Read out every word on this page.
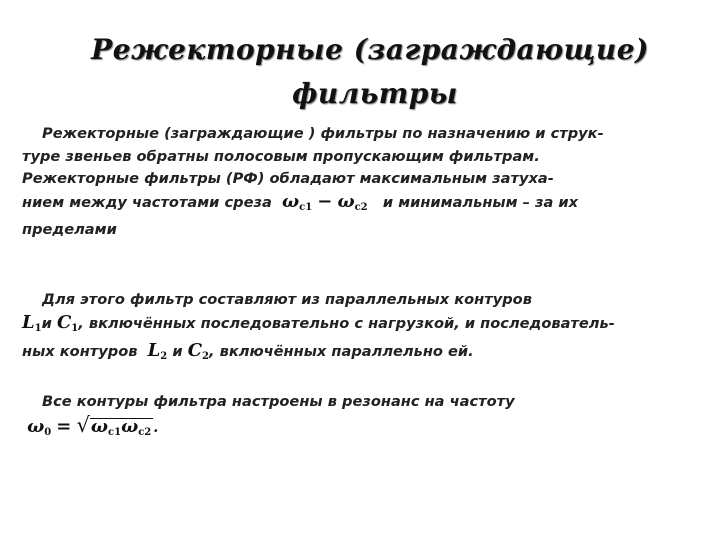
Режекторные (заграждающие)
фильтры
Режекторные (заграждающие ) фильтры по назначению и струк-
туре звеньев обратны полосовым пропускающим фильтрам.
Режекторные фильтры (РФ) обладают максимальным затуха-
нием между частотами среза $\omega_{c1} - \omega_{c2}$ и минимальным – за их
пределами
Для этого фильтр составляют из параллельных контуров
$L_1и$ $C_1$, включённых последовательно с нагрузкой, и последователь-
ных контуров $L_2$ и $C_2$, включённых параллельно ей.
Все контуры фильтра настроены в резонанс на частоту
$\omega_0 = √\omega_{c1}\omega_{c2}$ .
